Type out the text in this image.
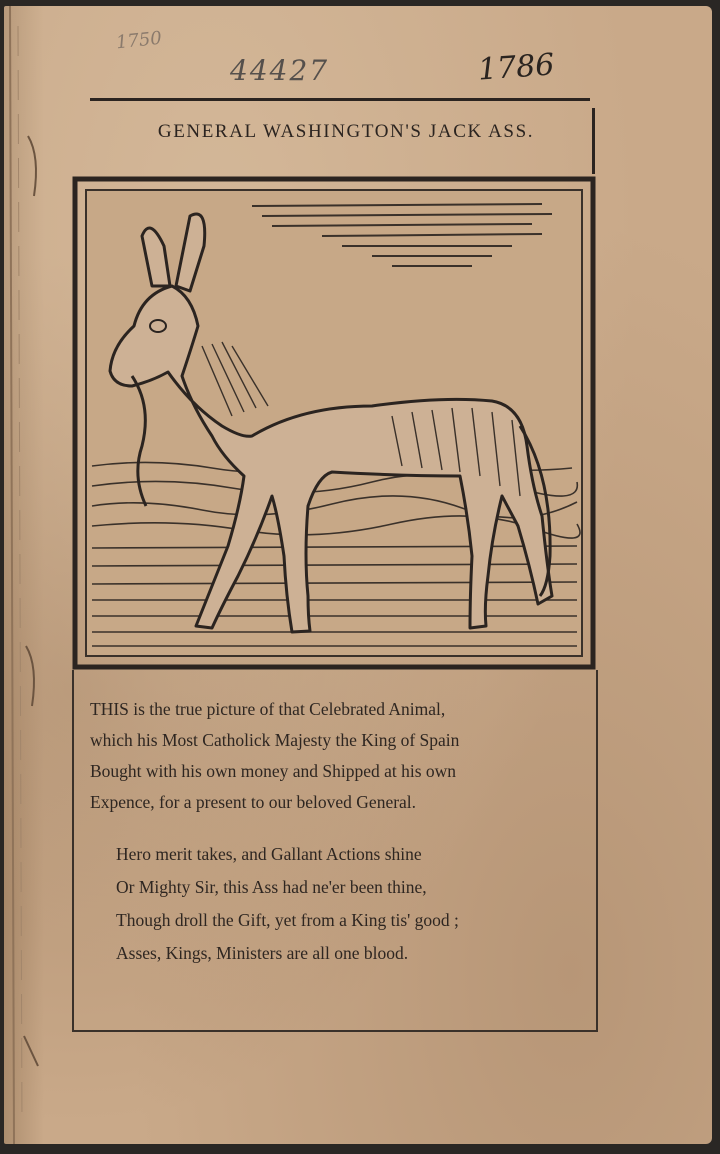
1750
44427	1786
GENERAL WASHINGTON'S JACK ASS.
THIS is the true picture of that Celebrated Animal,
which his Most Catholick Majesty the King of Spain
Bought with his own money and Shipped at his own
Expence, for a present to our beloved General.
Hero merit takes, and Gallant Actions shine
Or Mighty Sir, this Ass had ne'er been thine,
Though droll the Gift, yet from a King tis' good ;
Asses, Kings, Ministers are all one blood.
